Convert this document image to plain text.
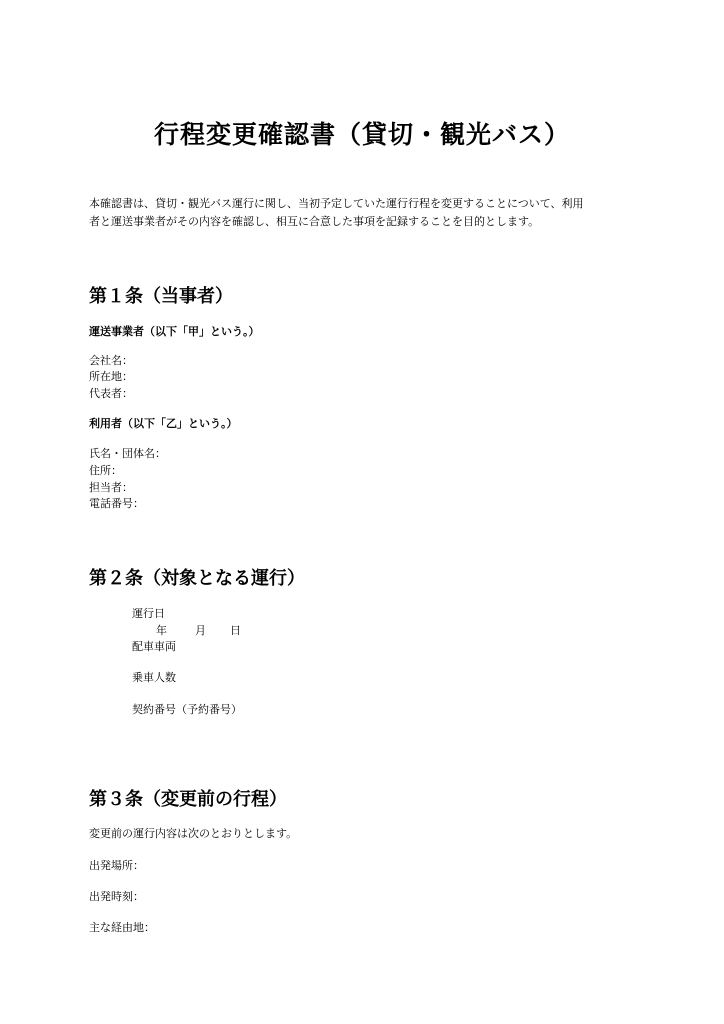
行程変更確認書（貸切・観光バス）
本確認書は、貸切・観光バス運行に関し、当初予定していた運行行程を変更することについて、利用
者と運送事業者がその内容を確認し、相互に合意した事項を記録することを目的とします。
第１条（当事者）
運送事業者（以下「甲」という。）
会社名：
所在地：
代表者：
利用者（以下「乙」という。）
氏名・団体名：
住所：
担当者：
電話番号：
第２条（対象となる運行）
運行日
年	月 日
配車車両
乗車人数
契約番号（予約番号）
第３条（変更前の行程）
変更前の運行内容は次のとおりとします。
出発場所：
出発時刻：
主な経由地：
